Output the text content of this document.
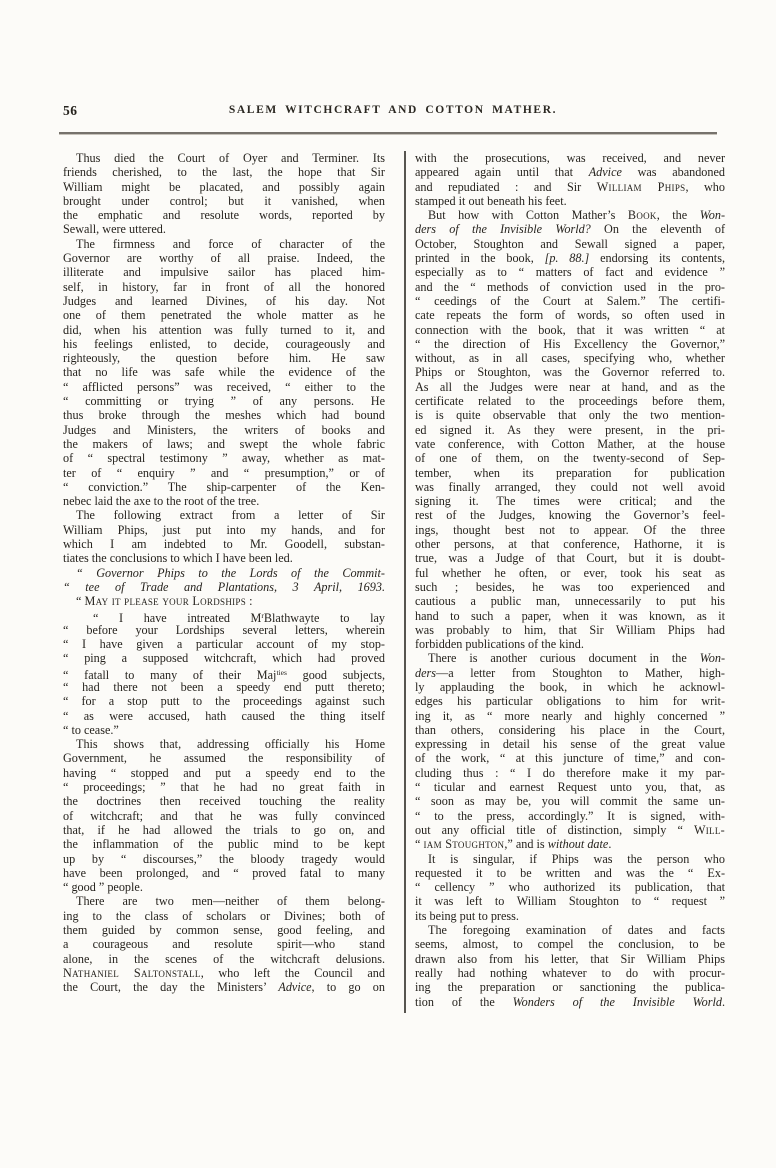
56	SALEM WITCHCRAFT AND COTTON MATHER.
Thus died the Court of Oyer and Terminer. Its
friends cherished, to the last, the hope that Sir
William might be placated, and possibly again
brought under control; but it vanished, when
the emphatic and resolute words, reported by
Sewall, were uttered.
The firmness and force of character of the
Governor are worthy of all praise. Indeed, the
illiterate and impulsive sailor has placed him-
self, in history, far in front of all the honored
Judges and learned Divines, of his day. Not
one of them penetrated the whole matter as he
did, when his attention was fully turned to it, and
his feelings enlisted, to decide, courageously and
righteously, the question before him. He saw
that no life was safe while the evidence of the
“ afflicted persons” was received, “ either to the
“ committing or trying ” of any persons. He
thus broke through the meshes which had bound
Judges and Ministers, the writers of books and
the makers of laws; and swept the whole fabric
of “ spectral testimony ” away, whether as mat-
ter of “ enquiry ” and “ presumption,” or of
“ conviction.” The ship-carpenter of the Ken-
nebec laid the axe to the root of the tree.
The following extract from a letter of Sir
William Phips, just put into my hands, and for
which I am indebted to Mr. Goodell, substan-
tiates the conclusions to which I have been led.
“ Governor Phips to the Lords of the Commit-
“ tee of Trade and Plantations, 3 April, 1693.
“ May it please your Lordships :
“ I have intreated $M^rBlathwayte$ to lay
“ before your Lordships several letters, wherein
“ I have given a particular account of my stop-
“ ping a supposed witchcraft, which had proved
“ fatall to many of their Maj$^{ties}$ good subjects,
“ had there not been a speedy end putt thereto;
“ for a stop putt to the proceedings against such
“ as were accused, hath caused the thing itself
“ to cease.”
This shows that, addressing officially his Home
Government, he assumed the responsibility of
having “ stopped and put a speedy end to the
“ proceedings; ” that he had no great faith in
the doctrines then received touching the reality
of witchcraft; and that he was fully convinced
that, if he had allowed the trials to go on, and
the inflammation of the public mind to be kept
up by “ discourses,” the bloody tragedy would
have been prolonged, and “ proved fatal to many
“ good ” people.
There are two men—neither of them belong-
ing to the class of scholars or Divines; both of
them guided by common sense, good feeling, and
a courageous and resolute spirit—who stand
alone, in the scenes of the witchcraft delusions.
Nathaniel Saltonstall, who left the Council and
the Court, the day the Ministers’ Advice, to go on
with the prosecutions, was received, and never
appeared again until that Advice was abandoned
and repudiated : and Sir William Phips, who
stamped it out beneath his feet.
But how with Cotton Mather’s Book, the Won-
ders of the Invisible World? On the eleventh of
October, Stoughton and Sewall signed a paper,
printed in the book, [p. 88.] endorsing its contents,
especially as to “ matters of fact and evidence ”
and the “ methods of conviction used in the pro-
“ ceedings of the Court at Salem.” The certifi-
cate repeats the form of words, so often used in
connection with the book, that it was written “ at
“ the direction of His Excellency the Governor,”
without, as in all cases, specifying who, whether
Phips or Stoughton, was the Governor referred to.
As all the Judges were near at hand, and as the
certificate related to the proceedings before them,
is is quite observable that only the two mention-
ed signed it. As they were present, in the pri-
vate conference, with Cotton Mather, at the house
of one of them, on the twenty-second of Sep-
tember, when its preparation for publication
was finally arranged, they could not well avoid
signing it. The times were critical; and the
rest of the Judges, knowing the Governor’s feel-
ings, thought best not to appear. Of the three
other persons, at that conference, Hathorne, it is
true, was a Judge of that Court, but it is doubt-
ful whether he often, or ever, took his seat as
such ; besides, he was too experienced and
cautious a public man, unnecessarily to put his
hand to such a paper, when it was known, as it
was probably to him, that Sir William Phips had
forbidden publications of the kind.
There is another curious document in the Won-
ders—a letter from Stoughton to Mather, high-
ly applauding the book, in which he acknowl-
edges his particular obligations to him for writ-
ing it, as “ more nearly and highly concerned ”
than others, considering his place in the Court,
expressing in detail his sense of the great value
of the work, “ at this juncture of time,” and con-
cluding thus : “ I do therefore make it my par-
“ ticular and earnest Request unto you, that, as
“ soon as may be, you will commit the same un-
“ to the press, accordingly.” It is signed, with-
out any official title of distinction, simply “ Will-
“ iam Stoughton,” and is without date.
It is singular, if Phips was the person who
requested it to be written and was the “ Ex-
“ cellency ” who authorized its publication, that
it was left to William Stoughton to “ request ”
its being put to press.
The foregoing examination of dates and facts
seems, almost, to compel the conclusion, to be
drawn also from his letter, that Sir William Phips
really had nothing whatever to do with procur-
ing the preparation or sanctioning the publica-
tion of the Wonders of the Invisible World.
